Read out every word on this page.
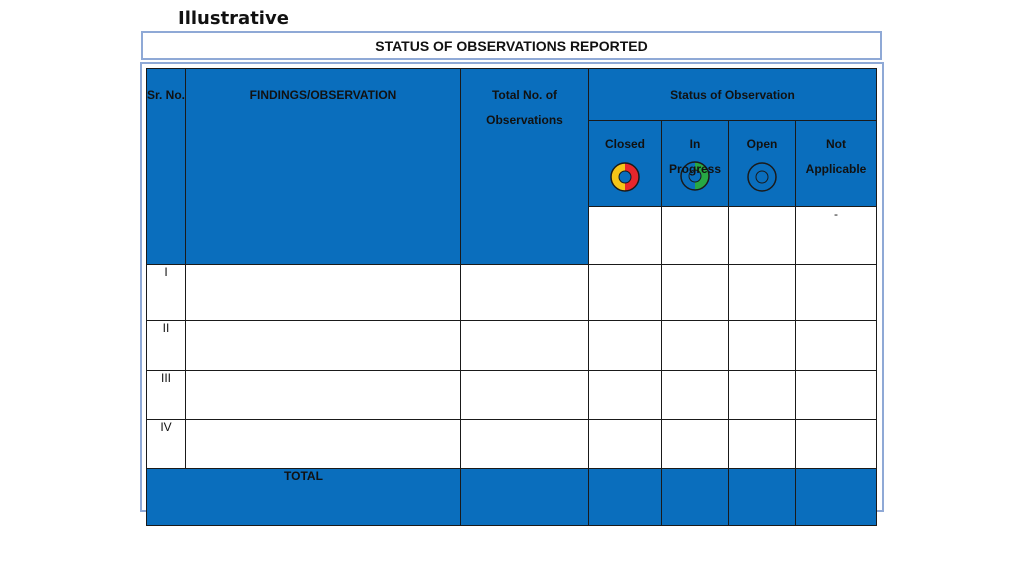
Illustrative
STATUS OF OBSERVATIONS REPORTED
Sr. No.	FINDINGS/OBSERVATION	Total No. of Observations	Status of Observation			

			Closed	In Progress	Open	Not Applicable

						-
I						
II						
III						
IV						
TOTAL						
